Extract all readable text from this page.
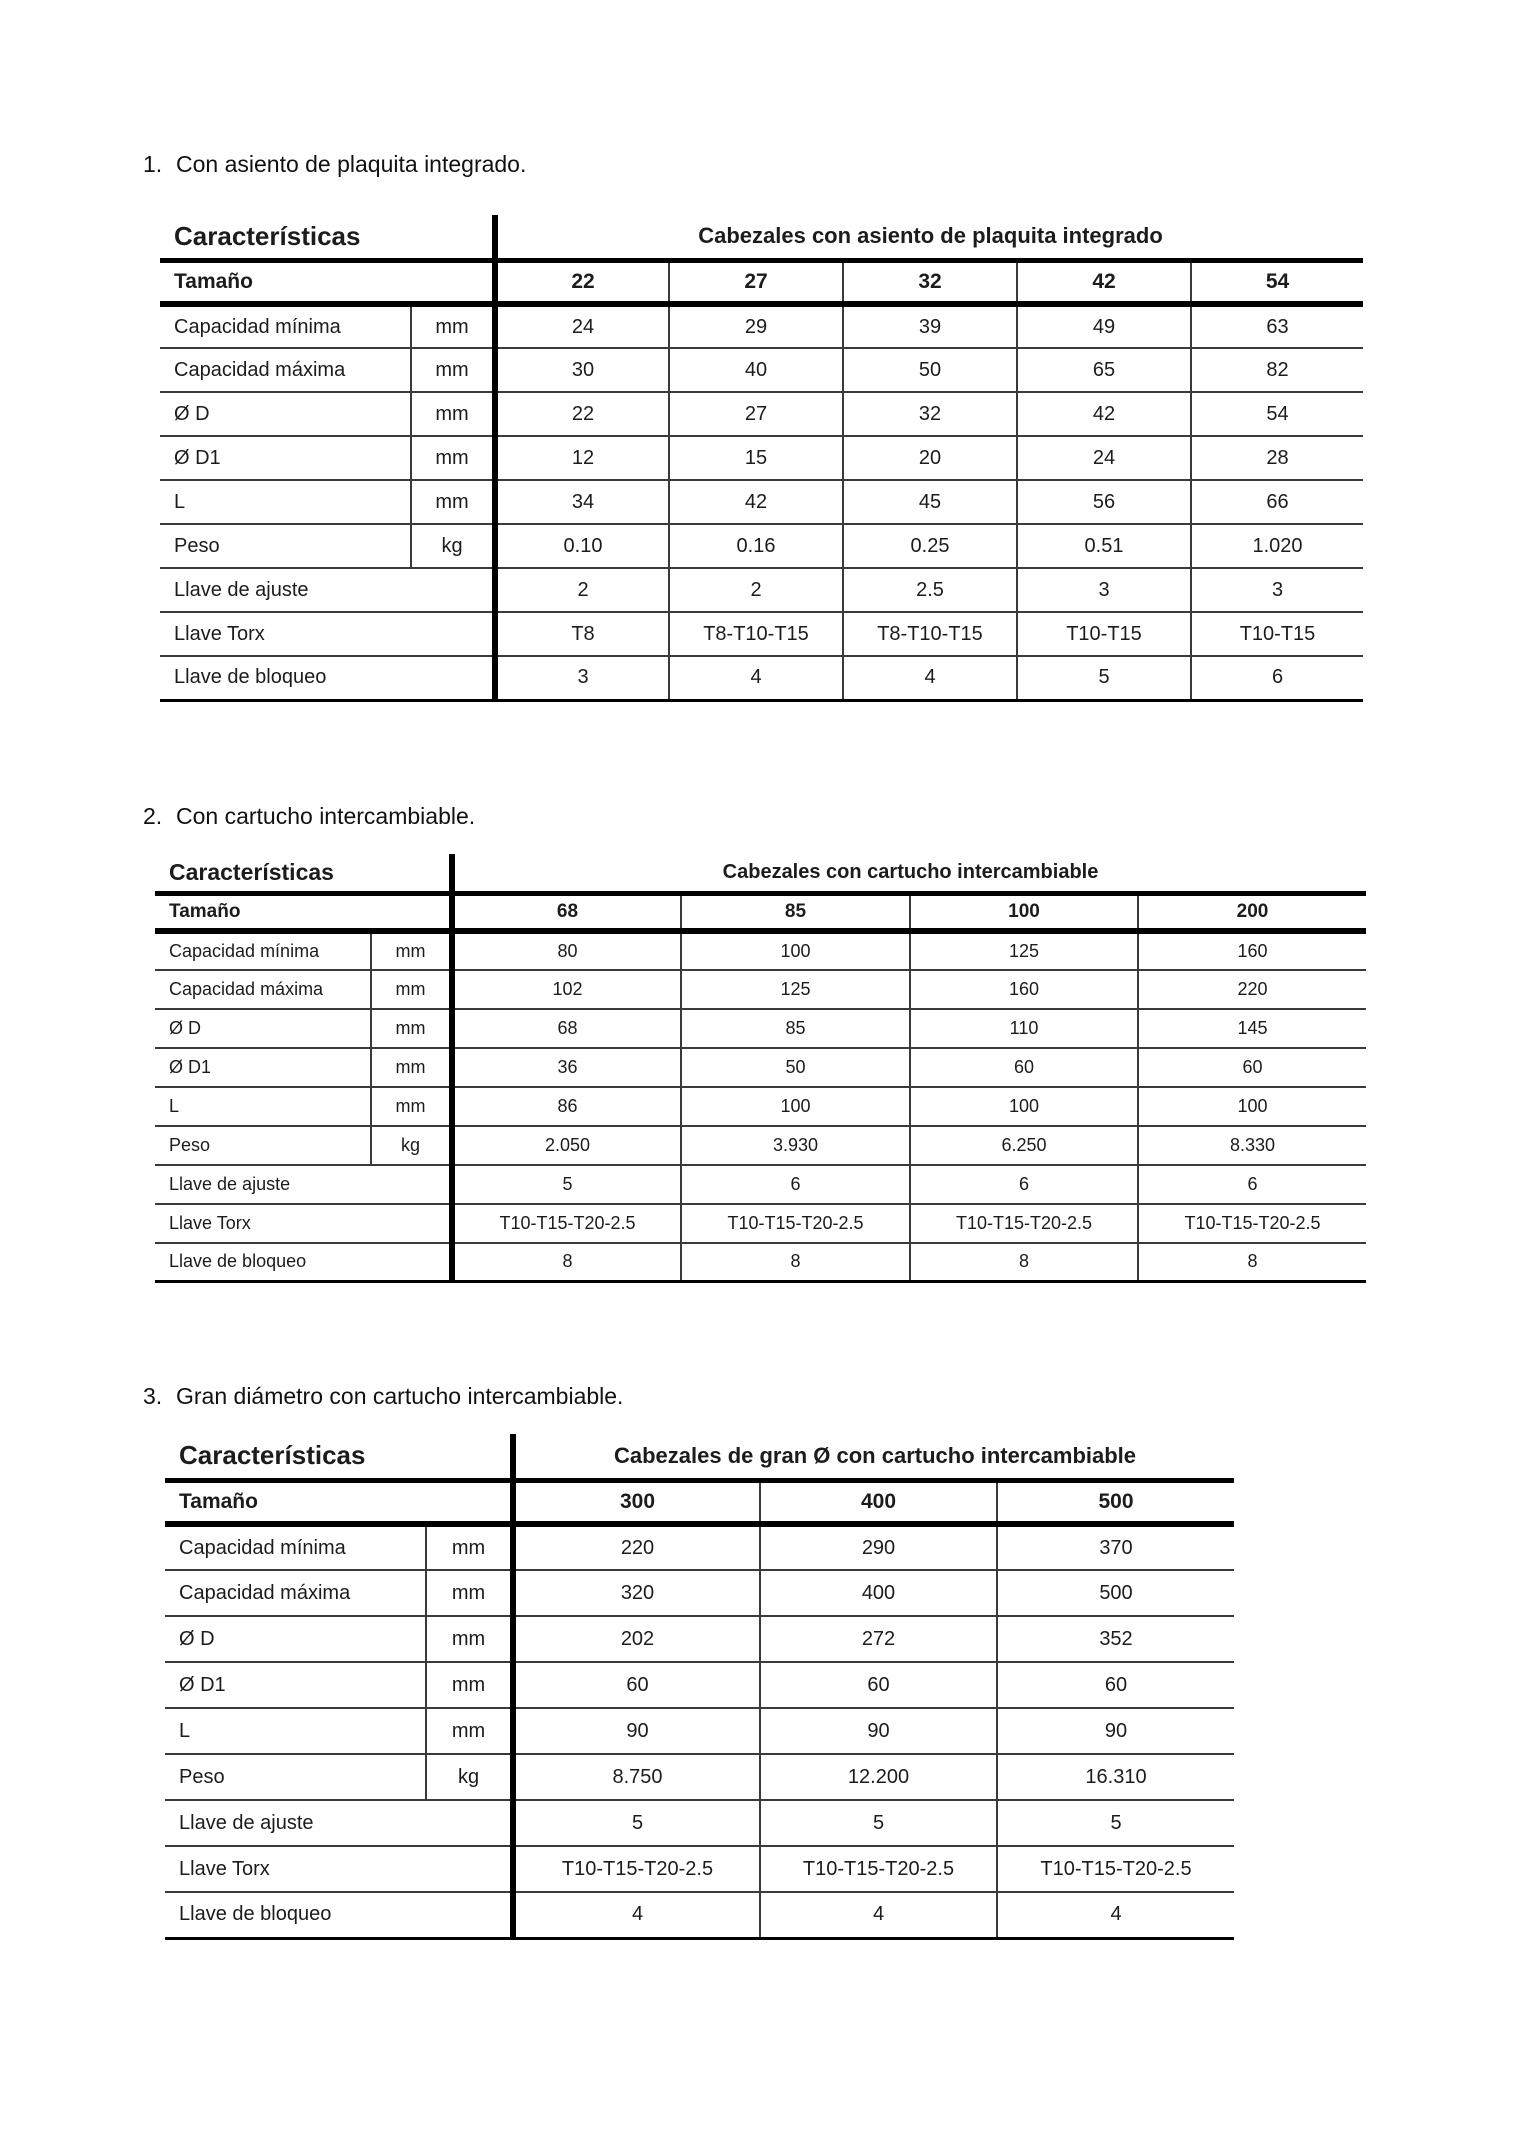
1. Con asiento de plaquita integrado.
Características		Cabezales con asiento de plaquita integrado				
Tamaño		22	27	32	42	54
Capacidad mínima	mm	24	29	39	49	63
Capacidad máxima	mm	30	40	50	65	82
Ø D	mm	22	27	32	42	54
Ø D1	mm	12	15	20	24	28
L	mm	34	42	45	56	66
Peso	kg	0.10	0.16	0.25	0.51	1.020
Llave de ajuste		2	2	2.5	3	3
Llave Torx		T8	T8-T10-T15	T8-T10-T15	T10-T15	T10-T15
Llave de bloqueo		3	4	4	5	6
2. Con cartucho intercambiable.
Características		Cabezales con cartucho intercambiable			
Tamaño		68	85	100	200
Capacidad mínima	mm	80	100	125	160
Capacidad máxima	mm	102	125	160	220
Ø D	mm	68	85	110	145
Ø D1	mm	36	50	60	60
L	mm	86	100	100	100
Peso	kg	2.050	3.930	6.250	8.330
Llave de ajuste		5	6	6	6
Llave Torx		T10-T15-T20-2.5	T10-T15-T20-2.5	T10-T15-T20-2.5	T10-T15-T20-2.5
Llave de bloqueo		8	8	8	8
3. Gran diámetro con cartucho intercambiable.
Características		Cabezales de gran Ø con cartucho intercambiable		
Tamaño		300	400	500
Capacidad mínima	mm	220	290	370
Capacidad máxima	mm	320	400	500
Ø D	mm	202	272	352
Ø D1	mm	60	60	60
L	mm	90	90	90
Peso	kg	8.750	12.200	16.310
Llave de ajuste		5	5	5
Llave Torx		T10-T15-T20-2.5	T10-T15-T20-2.5	T10-T15-T20-2.5
Llave de bloqueo		4	4	4
